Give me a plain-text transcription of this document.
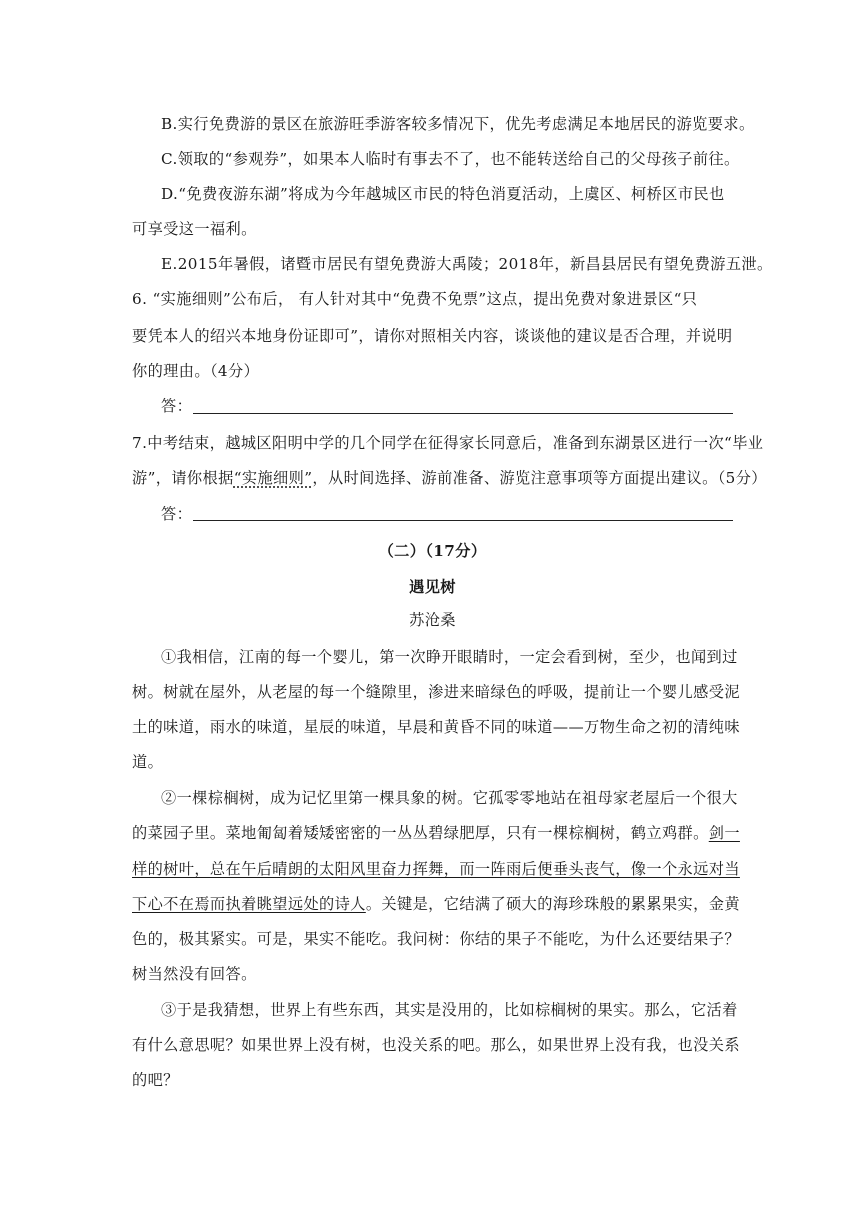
B.实行免费游的景区在旅游旺季游客较多情况下，优先考虑满足本地居民的游览要求。
C.领取的“参观券”，如果本人临时有事去不了，也不能转送给自己的父母孩子前往。
D.“免费夜游东湖”将成为今年越城区市民的特色消夏活动，上虞区、柯桥区市民也
可享受这一福利。
E.2015年暑假，诸暨市居民有望免费游大禹陵；2018年，新昌县居民有望免费游五泄。
6. “实施细则”公布后， 有人针对其中“免费不免票”这点，提出免费对象进景区“只
要凭本人的绍兴本地身份证即可”，请你对照相关内容，谈谈他的建议是否合理，并说明
你的理由。（4分）
答：
7.中考结束，越城区阳明中学的几个同学在征得家长同意后，准备到东湖景区进行一次“毕业
游”，请你根据“实施细则”，从时间选择、游前准备、游览注意事项等方面提出建议。（5分）
答：
（二）（17分）
遇见树
苏沧桑
①我相信，江南的每一个婴儿，第一次睁开眼睛时，一定会看到树，至少，也闻到过
树。树就在屋外，从老屋的每一个缝隙里，渗进来暗绿色的呼吸，提前让一个婴儿感受泥
土的味道，雨水的味道，星辰的味道，早晨和黄昏不同的味道——万物生命之初的清纯味
道。
②一棵棕榈树，成为记忆里第一棵具象的树。它孤零零地站在祖母家老屋后一个很大
的菜园子里。菜地匍匐着矮矮密密的一丛丛碧绿肥厚，只有一棵棕榈树，鹤立鸡群。剑一
样的树叶，总在午后晴朗的太阳风里奋力挥舞，而一阵雨后便垂头丧气，像一个永远对当
下心不在焉而执着眺望远处的诗人。关键是，它结满了硕大的海珍珠般的累累果实，金黄
色的，极其紧实。可是，果实不能吃。我问树：你结的果子不能吃，为什么还要结果子？
树当然没有回答。
③于是我猜想，世界上有些东西，其实是没用的，比如棕榈树的果实。那么，它活着
有什么意思呢？如果世界上没有树，也没关系的吧。那么，如果世界上没有我，也没关系
的吧？
